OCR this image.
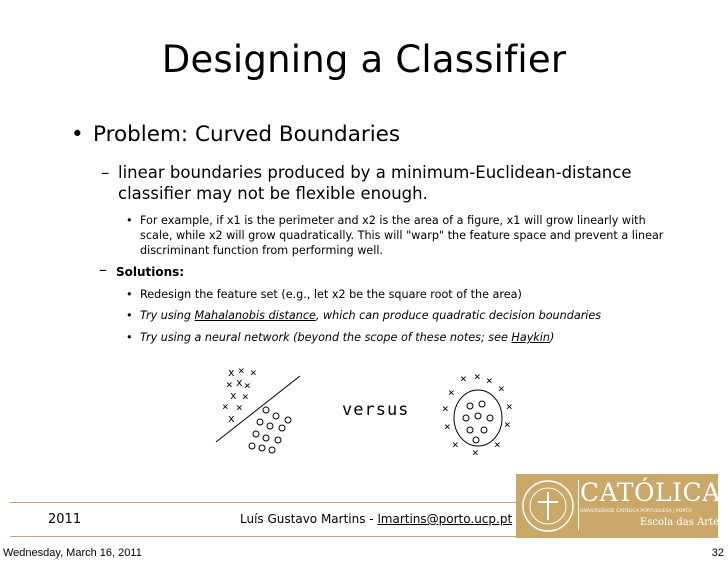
Designing a Classifier
• Problem: Curved Boundaries
– linear boundaries produced by a minimum-Euclidean-distance
classifier may not be flexible enough.
• For example, if x1 is the perimeter and x2 is the area of a figure, x1 will grow linearly with
scale, while x2 will grow quadratically. This will "warp" the feature space and prevent a linear
discriminant function from performing well.
– Solutions:
• Redesign the feature set (e.g., let x2 be the square root of the area)
• Try using Mahalanobis distance, which can produce quadratic decision boundaries
• Try using a neural network (beyond the scope of these notes; see Haykin)
x × ×
× x ×
x ×
× ×
x	versus
× × ×
×	×
×	×
×	×
×	×
×
2011	Luís Gustavo Martins - lmartins@porto.ucp.pt
CATÓLICA
UNIVERSIDADE CATÓLICA PORTUGUESA | PORTO
Escola das Artes
Wednesday, March 16, 2011	32
